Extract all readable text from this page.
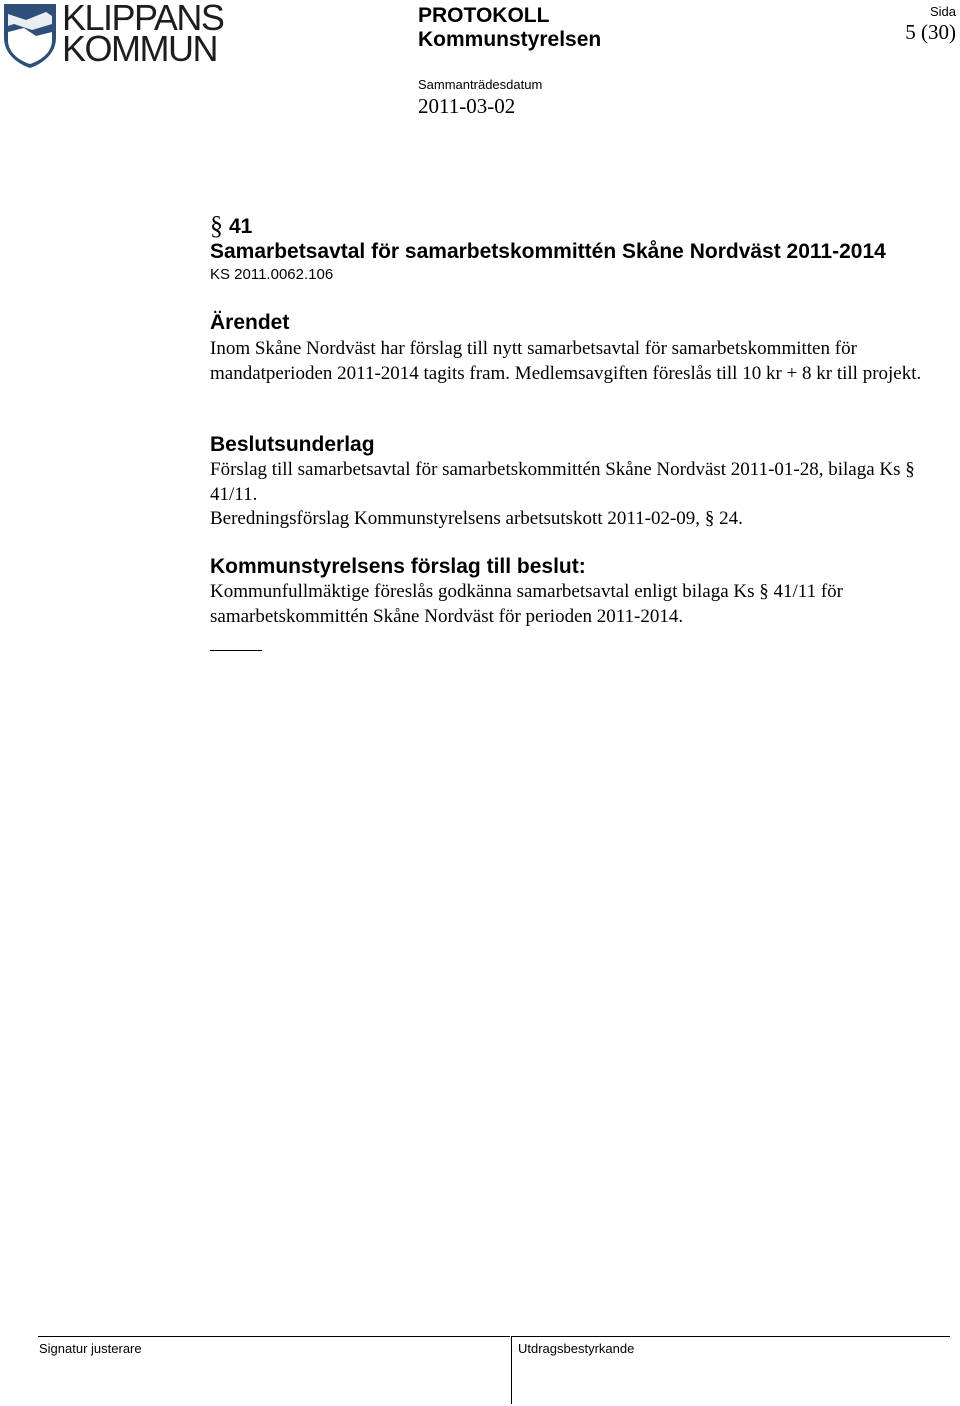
KLIPPANS
KOMMUN
PROTOKOLL
Kommunstyrelsen
Sida
5 (30)
Sammanträdesdatum
2011-03-02
§ 41
Samarbetsavtal för samarbetskommittén Skåne Nordväst 2011-2014
KS 2011.0062.106
Ärendet
Inom Skåne Nordväst har förslag till nytt samarbetsavtal för samarbetskommitten för mandatperioden 2011-2014 tagits fram. Medlemsavgiften föreslås till 10 kr + 8 kr till projekt.
Beslutsunderlag
Förslag till samarbetsavtal för samarbetskommittén Skåne Nordväst 2011-01-28, bilaga Ks § 41/11.
Beredningsförslag Kommunstyrelsens arbetsutskott 2011-02-09, § 24.
Kommunstyrelsens förslag till beslut:
Kommunfullmäktige föreslås godkänna samarbetsavtal enligt bilaga Ks § 41/11 för samarbetskommittén Skåne Nordväst för perioden 2011-2014.
Signatur justerare	Utdragsbestyrkande
